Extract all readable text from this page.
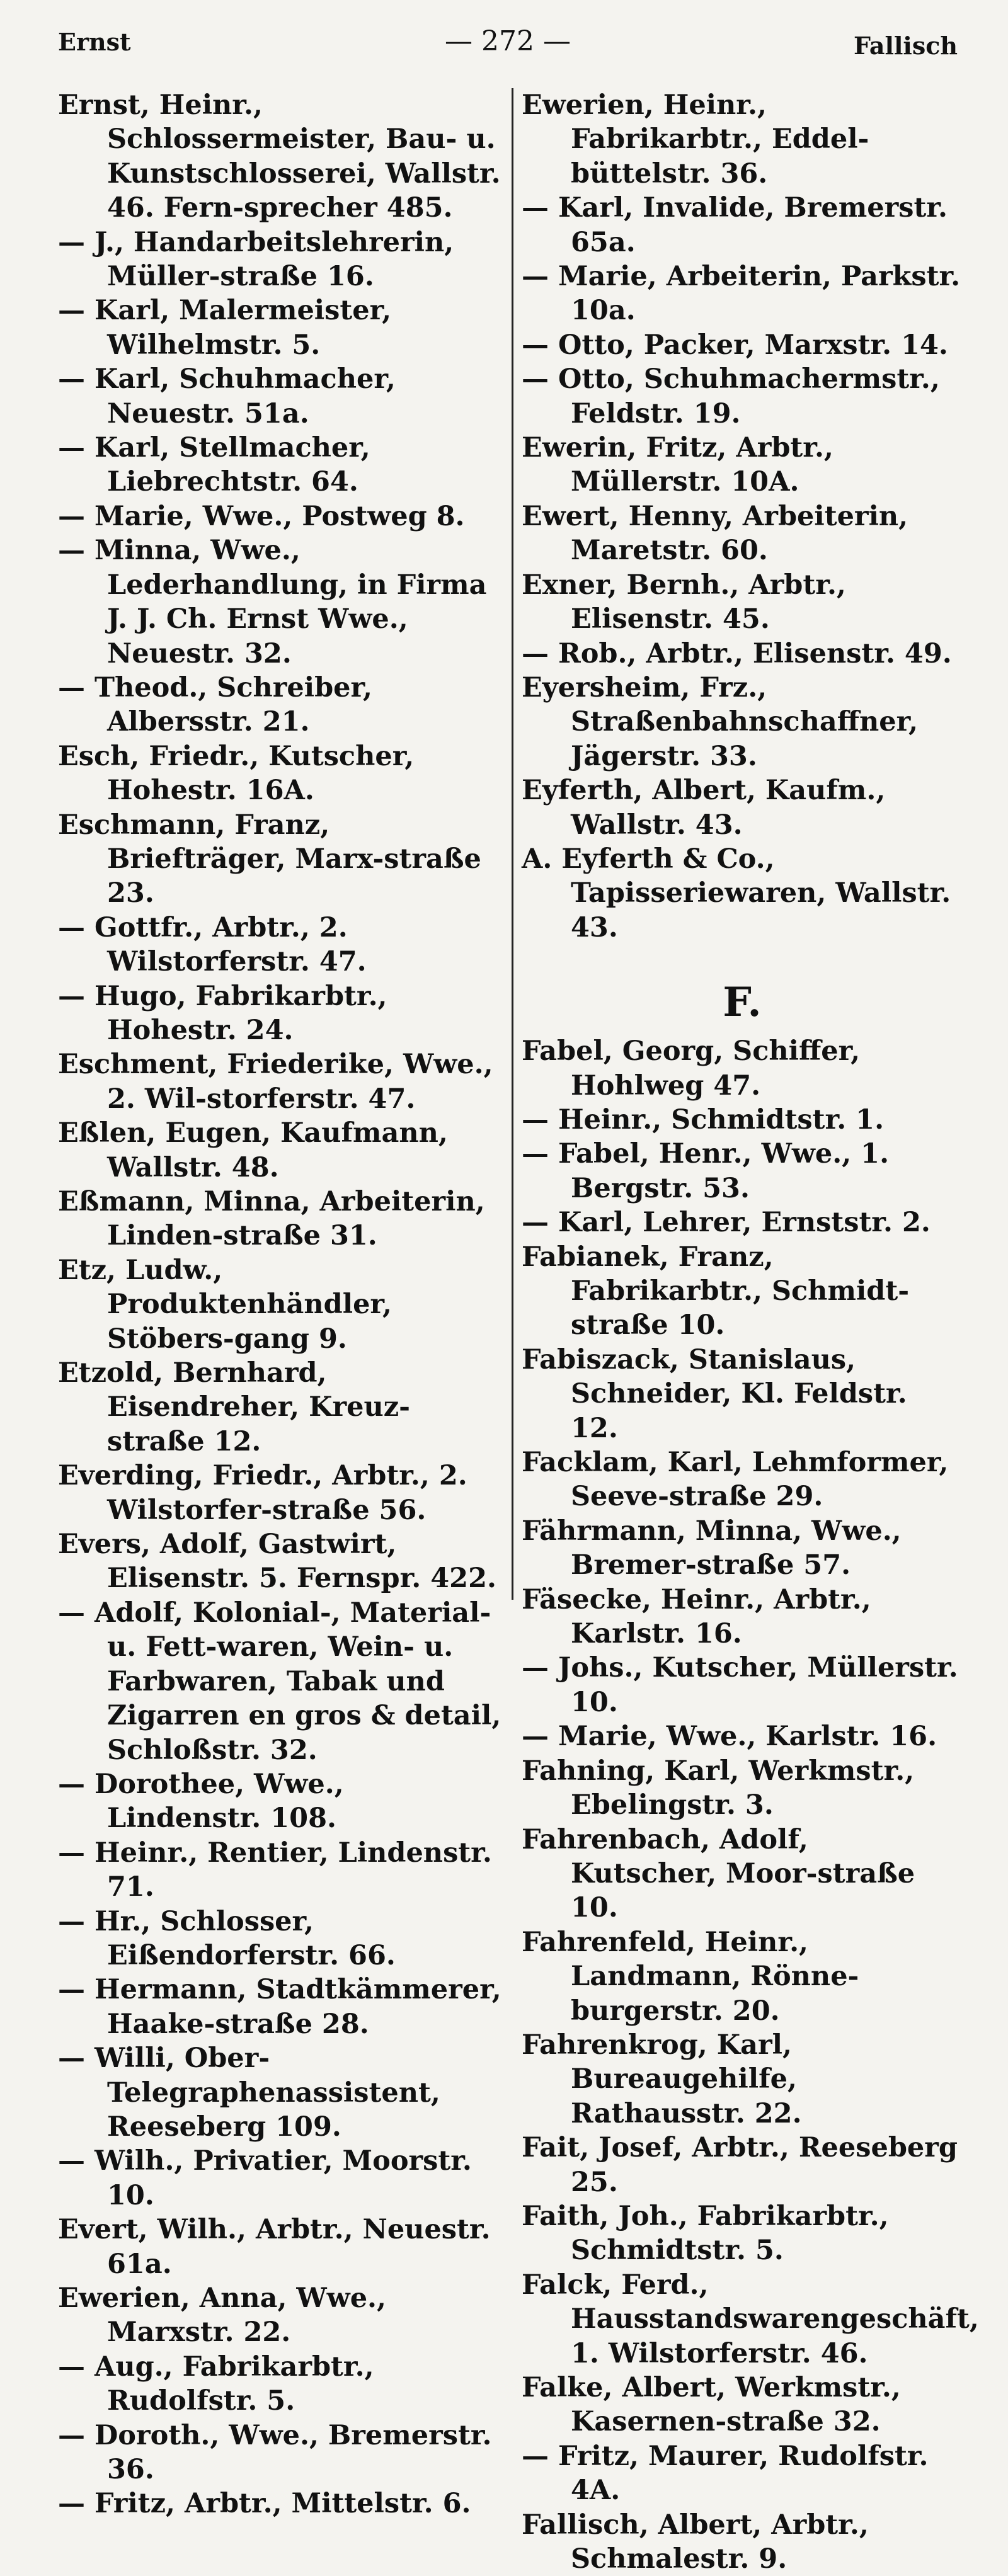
Ernst	— 272 —	Fallisch
Ernst, Heinr., Schlossermeister, Bau- u. Kunstschlosserei, Wallstr. 46. Fern-sprecher 485.
— J., Handarbeitslehrerin, Müller-straße 16.
— Karl, Malermeister, Wilhelmstr. 5.
— Karl, Schuhmacher, Neuestr. 51a.
— Karl, Stellmacher, Liebrechtstr. 64.
— Marie, Wwe., Postweg 8.
— Minna, Wwe., Lederhandlung, in Firma J. J. Ch. Ernst Wwe., Neuestr. 32.
— Theod., Schreiber, Albersstr. 21.
Esch, Friedr., Kutscher, Hohestr. 16A.
Eschmann, Franz, Briefträger, Marx-straße 23.
— Gottfr., Arbtr., 2. Wilstorferstr. 47.
— Hugo, Fabrikarbtr., Hohestr. 24.
Eschment, Friederike, Wwe., 2. Wil-storferstr. 47.
Eßlen, Eugen, Kaufmann, Wallstr. 48.
Eßmann, Minna, Arbeiterin, Linden-straße 31.
Etz, Ludw., Produktenhändler, Stöbers-gang 9.
Etzold, Bernhard, Eisendreher, Kreuz-straße 12.
Everding, Friedr., Arbtr., 2. Wilstorfer-straße 56.
Evers, Adolf, Gastwirt, Elisenstr. 5. Fernspr. 422.
— Adolf, Kolonial-, Material- u. Fett-waren, Wein- u. Farbwaren, Tabak und Zigarren en gros & detail, Schloßstr. 32.
— Dorothee, Wwe., Lindenstr. 108.
— Heinr., Rentier, Lindenstr. 71.
— Hr., Schlosser, Eißendorferstr. 66.
— Hermann, Stadtkämmerer, Haake-straße 28.
— Willi, Ober-Telegraphenassistent, Reeseberg 109.
— Wilh., Privatier, Moorstr. 10.
Evert, Wilh., Arbtr., Neuestr. 61a.
Ewerien, Anna, Wwe., Marxstr. 22.
— Aug., Fabrikarbtr., Rudolfstr. 5.
— Doroth., Wwe., Bremerstr. 36.
— Fritz, Arbtr., Mittelstr. 6.
Ewerien, Heinr., Fabrikarbtr., Eddel-büttelstr. 36.
— Karl, Invalide, Bremerstr. 65a.
— Marie, Arbeiterin, Parkstr. 10a.
— Otto, Packer, Marxstr. 14.
— Otto, Schuhmachermstr., Feldstr. 19.
Ewerin, Fritz, Arbtr., Müllerstr. 10A.
Ewert, Henny, Arbeiterin, Maretstr. 60.
Exner, Bernh., Arbtr., Elisenstr. 45.
— Rob., Arbtr., Elisenstr. 49.
Eyersheim, Frz., Straßenbahnschaffner, Jägerstr. 33.
Eyferth, Albert, Kaufm., Wallstr. 43.
A. Eyferth & Co., Tapisseriewaren, Wallstr. 43.
F.
Fabel, Georg, Schiffer, Hohlweg 47.
— Heinr., Schmidtstr. 1.
— Fabel, Henr., Wwe., 1. Bergstr. 53.
— Karl, Lehrer, Ernststr. 2.
Fabianek, Franz, Fabrikarbtr., Schmidt-straße 10.
Fabiszack, Stanislaus, Schneider, Kl. Feldstr. 12.
Facklam, Karl, Lehmformer, Seeve-straße 29.
Fährmann, Minna, Wwe., Bremer-straße 57.
Fäsecke, Heinr., Arbtr., Karlstr. 16.
— Johs., Kutscher, Müllerstr. 10.
— Marie, Wwe., Karlstr. 16.
Fahning, Karl, Werkmstr., Ebelingstr. 3.
Fahrenbach, Adolf, Kutscher, Moor-straße 10.
Fahrenfeld, Heinr., Landmann, Rönne-burgerstr. 20.
Fahrenkrog, Karl, Bureaugehilfe, Rathausstr. 22.
Fait, Josef, Arbtr., Reeseberg 25.
Faith, Joh., Fabrikarbtr., Schmidtstr. 5.
Falck, Ferd., Hausstandswarengeschäft, 1. Wilstorferstr. 46.
Falke, Albert, Werkmstr., Kasernen-straße 32.
— Fritz, Maurer, Rudolfstr. 4A.
Fallisch, Albert, Arbtr., Schmalestr. 9.
